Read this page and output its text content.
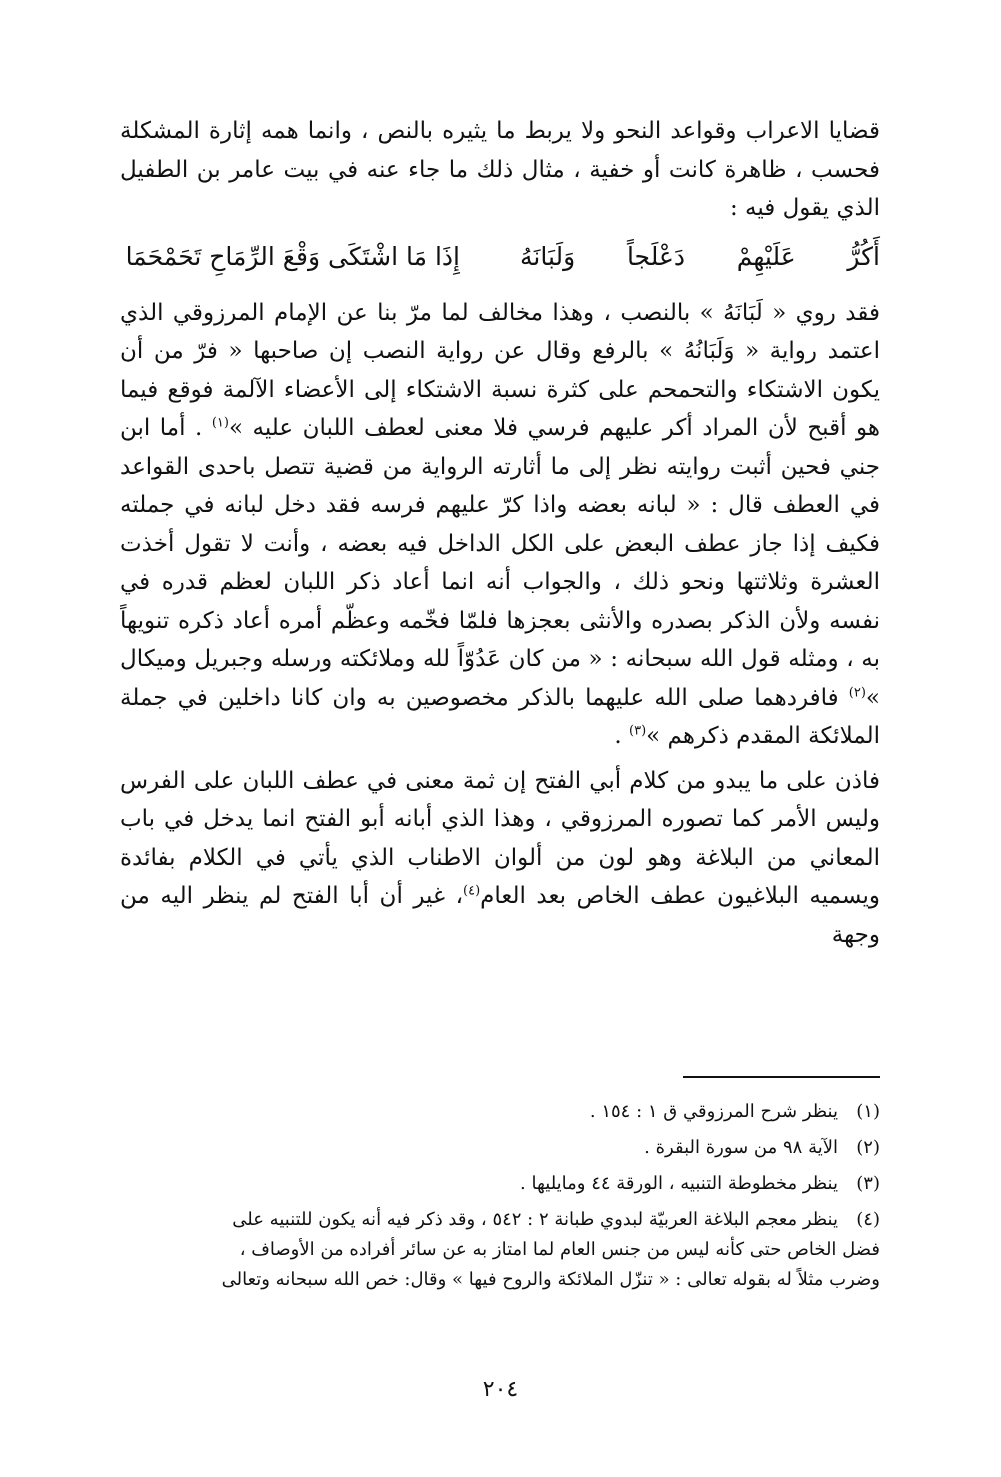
قضايا الاعراب وقواعد النحو ولا يربط ما يثيره بالنص ، وانما همه إثارة المشكلة فحسب ، ظاهرة كانت أو خفية ، مثال ذلك ما جاء عنه في بيت عامر بن الطفيل الذي يقول فيه :

أَكُرُّ
عَلَيْهِمْ
دَعْلَجاً
وَلَبَانَهُ
إِذَا مَا اشْتَكَى وَقْعَ الرِّمَاحِ تَحَمْحَمَا

فقد روي « لَبَانَهُ » بالنصب ، وهذا مخالف لما مرّ بنا عن الإمام المرزوقي الذي اعتمد رواية « وَلَبَانُهُ » بالرفع وقال عن رواية النصب إن صاحبها « فرّ من أن يكون الاشتكاء والتحمحم على كثرة نسبة الاشتكاء إلى الأعضاء الآلمة فوقع فيما هو أقبح لأن المراد أكر عليهم فرسي فلا معنى لعطف اللبان عليه »$^{(١)}$ . أما ابن جني فحين أثبت روايته نظر إلى ما أثارته الرواية من قضية تتصل باحدى القواعد في العطف قال : « لبانه بعضه واذا كرّ عليهم فرسه فقد دخل لبانه في جملته فكيف إذا جاز عطف البعض على الكل الداخل فيه بعضه ، وأنت لا تقول أخذت العشرة وثلاثتها ونحو ذلك ، والجواب أنه انما أعاد ذكر اللبان لعظم قدره في نفسه ولأن الذكر بصدره والأنثى بعجزها فلمّا فخّمه وعظّم أمره أعاد ذكره تنويهاً به ، ومثله قول الله سبحانه : « من كان عَدُوّاً لله وملائكته ورسله وجبريل وميكال »$^{(٢)}$ فافردهما صلى الله عليهما بالذكر مخصوصين به وان كانا داخلين في جملة الملائكة المقدم ذكرهم »$^{(٣)}$ .

فاذن على ما يبدو من كلام أبي الفتح إن ثمة معنى في عطف اللبان على الفرس وليس الأمر كما تصوره المرزوقي ، وهذا الذي أبانه أبو الفتح انما يدخل في باب المعاني من البلاغة وهو لون من ألوان الاطناب الذي يأتي في الكلام بفائدة ويسميه البلاغيون عطف الخاص بعد العام$^{(٤)}$، غير أن أبا الفتح لم ينظر اليه من وجهة

(١)
ينظر شرح المرزوقي ق ١ : ١٥٤ .
(٢)
الآية ٩٨ من سورة البقرة .
(٣)
ينظر مخطوطة التنبيه ، الورقة ٤٤ ومايليها .
(٤)
ينظر معجم البلاغة العربيّة لبدوي طبانة ٢ : ٥٤٢ ، وقد ذكر فيه أنه يكون للتنبيه على

فضل الخاص حتى كأنه ليس من جنس العام لما امتاز به عن سائر أفراده من الأوصاف ،

وضرب مثلاً له بقوله تعالى : « تنزّل الملائكة والروح فيها » وقال: خص الله سبحانه وتعالى

٢٠٤
